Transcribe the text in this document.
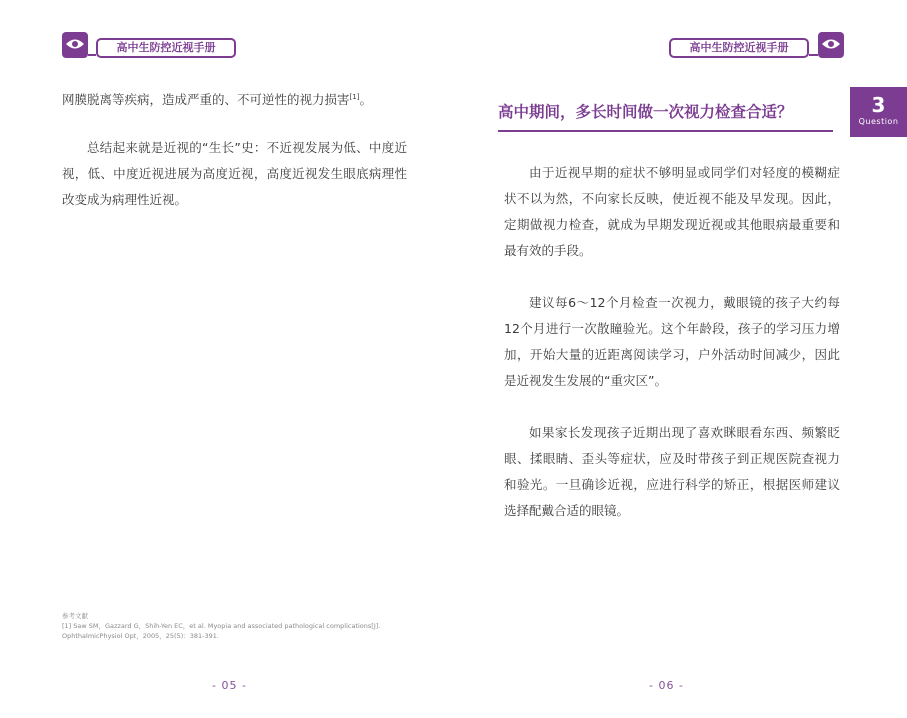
高中生防控近视手册

网膜脱离等疾病，造成严重的、不可逆性的视力损害[1]。

总结起来就是近视的“生长”史：不近视发展为低、中度近视，低、中度近视进展为高度近视，高度近视发生眼底病理性改变成为病理性近视。

参考文献
[1] Saw SM，Gazzard G，Shih-Yen EC，et al. Myopia and associated pathological complications[J]. OphthalmicPhysiol Opt，2005，25(5)：381-391.
- 05 -
高中生防控近视手册
高中期间，多长时间做一次视力检查合适？	3
Question

由于近视早期的症状不够明显或同学们对轻度的模糊症状不以为然，不向家长反映，使近视不能及早发现。因此，定期做视力检查，就成为早期发现近视或其他眼病最重要和最有效的手段。

建议每6～12个月检查一次视力，戴眼镜的孩子大约每12个月进行一次散瞳验光。这个年龄段，孩子的学习压力增加，开始大量的近距离阅读学习，户外活动时间减少，因此是近视发生发展的“重灾区”。

如果家长发现孩子近期出现了喜欢眯眼看东西、频繁眨眼、揉眼睛、歪头等症状，应及时带孩子到正规医院查视力和验光。一旦确诊近视，应进行科学的矫正，根据医师建议选择配戴合适的眼镜。

- 06 -
